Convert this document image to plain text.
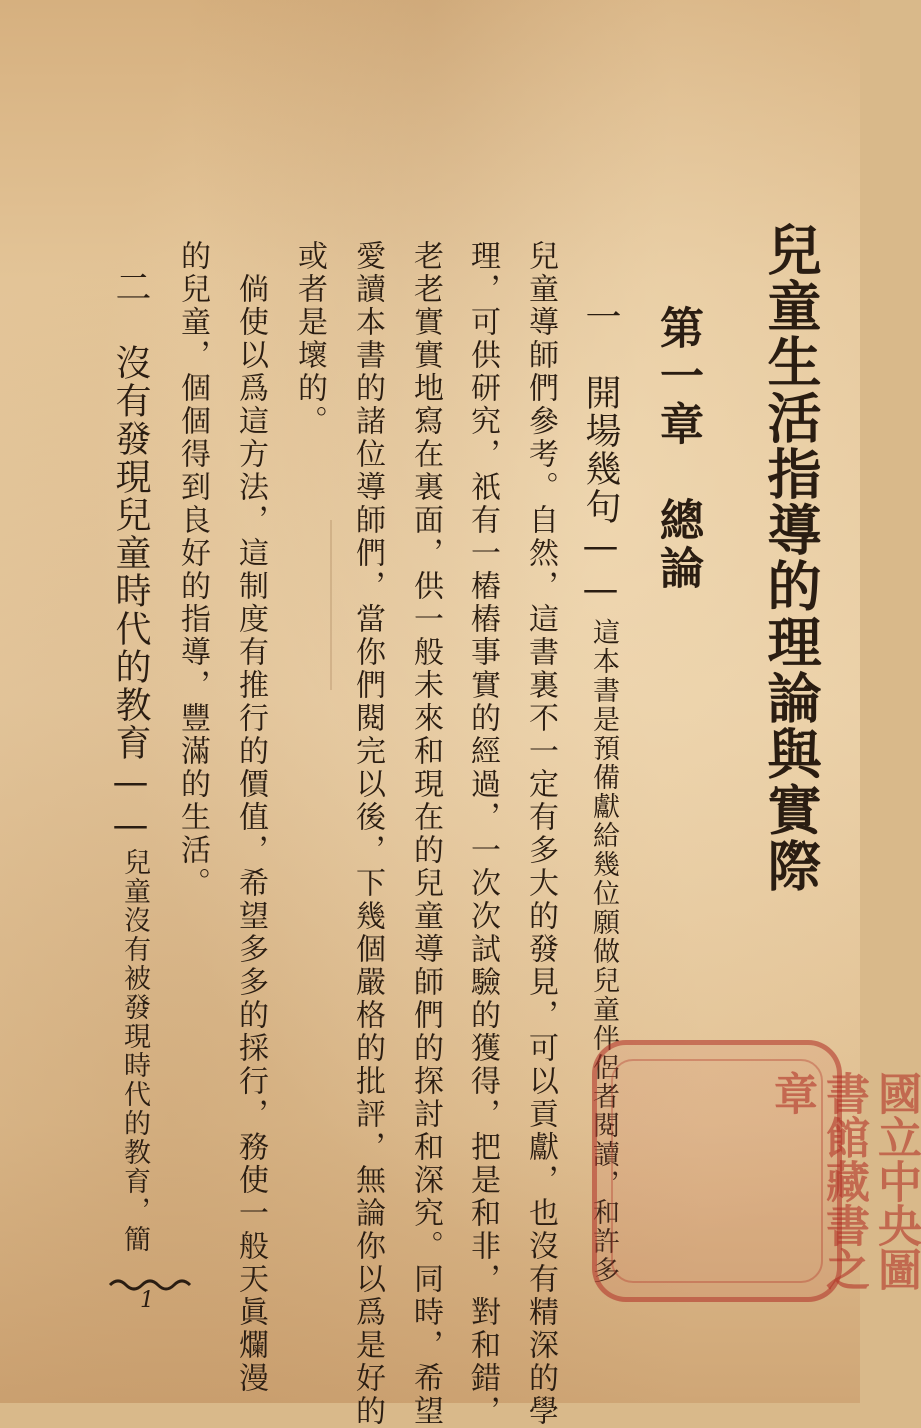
兒童生活指導的理論與實際
第一章　總論
一　開場幾句——
這本書是預備獻給幾位願做兒童伴侶者閱讀，和許多
兒童導師們參考。自然，這書裏不一定有多大的發見，可以貢獻，也沒有精深的學
理，可供研究，祇有一樁樁事實的經過，一次次試驗的獲得，把是和非，對和錯，
老老實實地寫在裏面，供一般未來和現在的兒童導師們的探討和深究。同時，希望
愛讀本書的諸位導師們，當你們閱完以後，下幾個嚴格的批評，無論你以爲是好的
或者是壞的。
　倘使以爲這方法，這制度有推行的價值，希望多多的採行，務使一般天眞爛漫
的兒童，個個得到良好的指導，豐滿的生活。
二　沒有發現兒童時代的教育——
兒童沒有被發現時代的教育，簡	國立中央圖書館藏書之章
1
